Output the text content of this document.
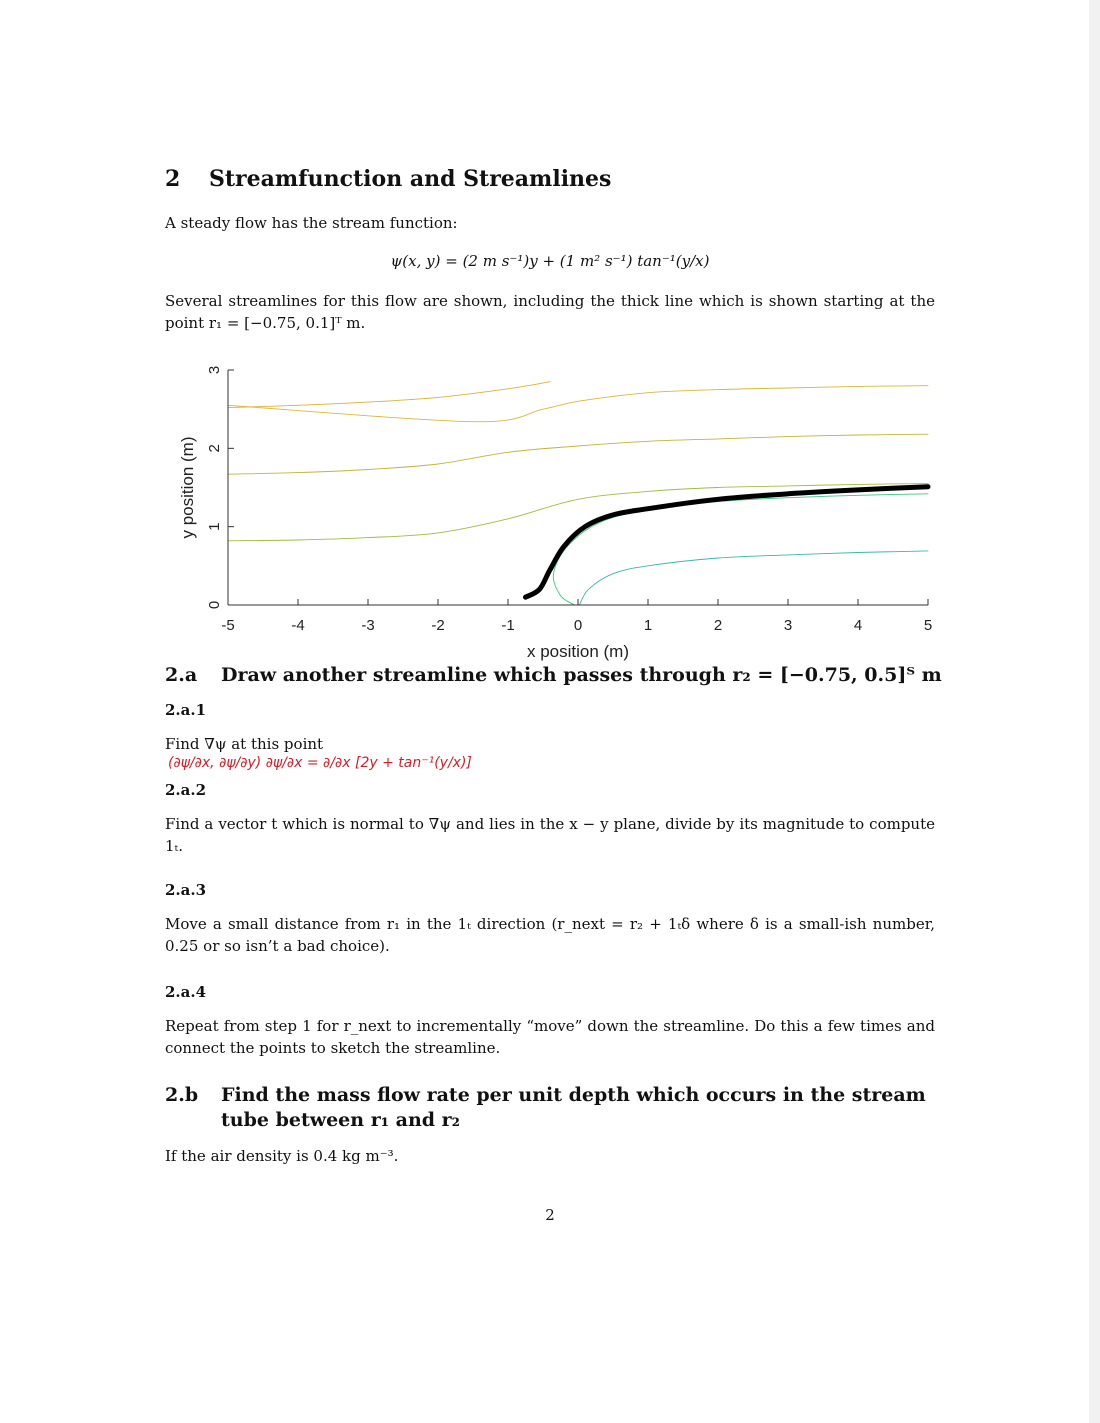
2 Streamfunction and Streamlines
A steady flow has the stream function:
ψ(x, y) = (2 m s⁻¹)y + (1 m² s⁻¹) tan⁻¹(y/x)
Several streamlines for this flow are shown, including the thick line which is shown starting at the point r₁ = [−0.75, 0.1]ᵀ m.
-5	-4	-3	-2	-1	0	1	2	3	4	5
0
1
2
3
x position (m)
y position (m)
2.a Draw another streamline which passes through r₂ = [−0.75, 0.5]ᵀ m
2.a.1
Find ∇ψ at this point
(∂ψ/∂x, ∂ψ/∂y) ∂ψ/∂x = ∂/∂x [2y + tan⁻¹(y/x)]
2.a.2
Find a vector t which is normal to ∇ψ and lies in the x − y plane, divide by its magnitude to compute 1ₜ.
2.a.3
Move a small distance from r₁ in the 1ₜ direction (r_next = r₂ + 1ₜδ where δ is a small-ish number, 0.25 or so isn’t a bad choice).
2.a.4
Repeat from step 1 for r_next to incrementally “move” down the streamline. Do this a few times and connect the points to sketch the streamline.
2.b Find the mass flow rate per unit depth which occurs in the stream
tube between r₁ and r₂
If the air density is 0.4 kg m⁻³.
2
